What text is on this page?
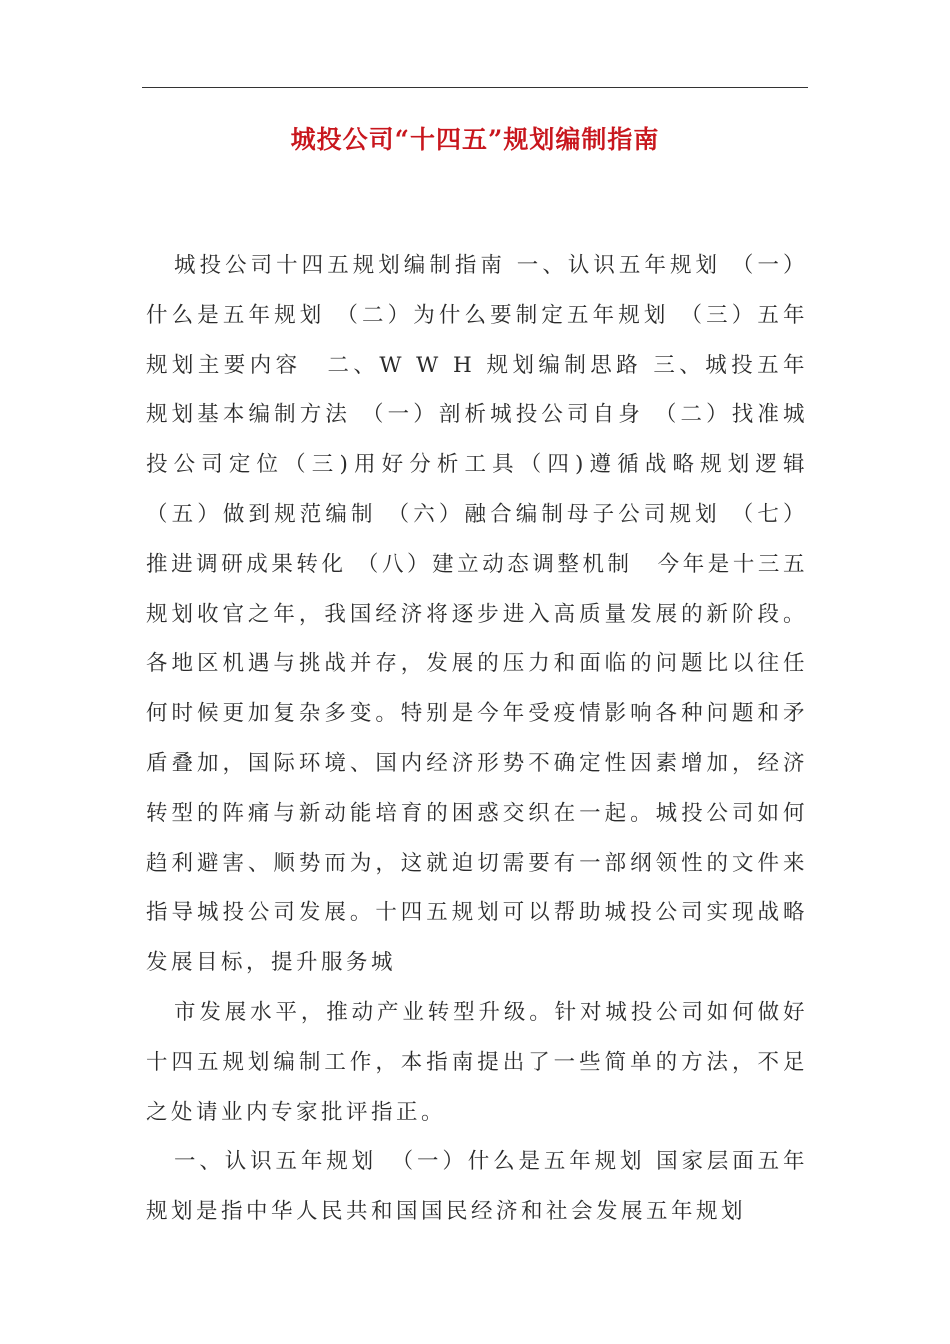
城投公司“十四五”规划编制指南

城投公司十四五规划编制指南 一、认识五年规划 （一）什么是五年规划 （二）为什么要制定五年规划 （三）五年规划主要内容　二、W W H 规划编制思路 三、城投五年规划基本编制方法 （一）剖析城投公司自身 （二）找准城投公司定位（三)用好分析工具（四)遵循战略规划逻辑（五）做到规范编制 （六）融合编制母子公司规划 （七）推进调研成果转化 （八）建立动态调整机制　今年是十三五规划收官之年，我国经济将逐步进入高质量发展的新阶段。各地区机遇与挑战并存，发展的压力和面临的问题比以往任何时候更加复杂多变。特别是今年受疫情影响各种问题和矛盾叠加，国际环境、国内经济形势不确定性因素增加，经济转型的阵痛与新动能培育的困惑交织在一起。城投公司如何趋利避害、顺势而为，这就迫切需要有一部纲领性的文件来指导城投公司发展。十四五规划可以帮助城投公司实现战略发展目标，提升服务城

市发展水平，推动产业转型升级。针对城投公司如何做好十四五规划编制工作，本指南提出了一些简单的方法，不足之处请业内专家批评指正。

一、认识五年规划　（一）什么是五年规划 国家层面五年规划是指中华人民共和国国民经济和社会发展五年规划
